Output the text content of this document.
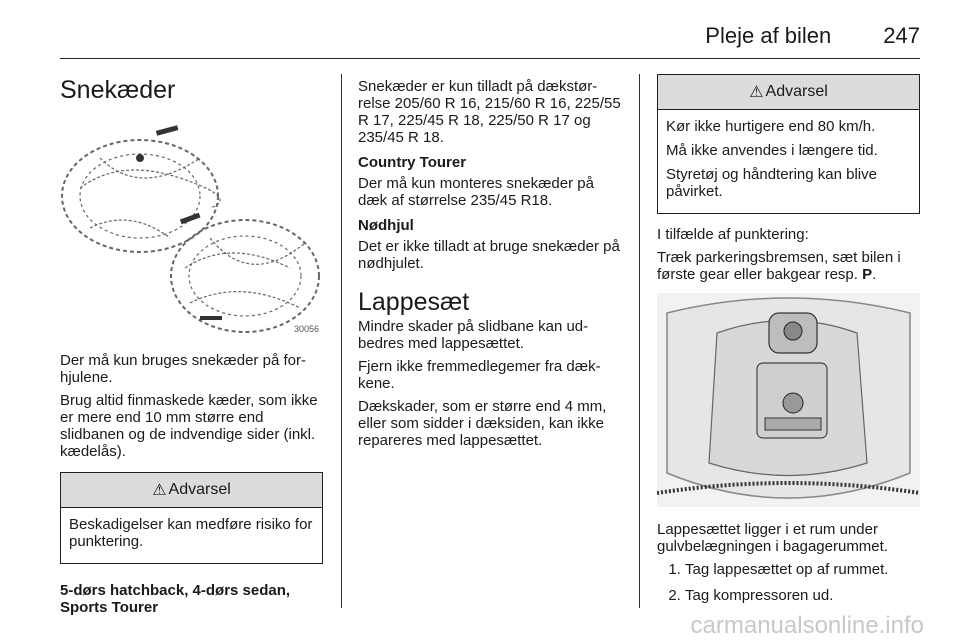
Pleje af bilen 247
Snekæder
30056

Der må kun bruges snekæder på for-hjulene.

Brug altid finmaskede kæder, som ikke er mere end 10 mm større end slidbanen og de indvendige sider (inkl. kædelås).

⚠ Advarsel

Beskadigelser kan medføre risiko for punktering.

5-dørs hatchback, 4-dørs sedan, Sports Tourer

Snekæder er kun tilladt på dækstør-relse 205/60 R 16, 215/60 R 16, 225/55 R 17, 225/45 R 18, 225/50 R 17 og 235/45 R 18.

Country Tourer

Der må kun monteres snekæder på dæk af størrelse 235/45 R18.

Nødhjul

Det er ikke tilladt at bruge snekæder på nødhjulet.

Lappesæt

Mindre skader på slidbane kan ud-bedres med lappesættet.

Fjern ikke fremmedlegemer fra dæk-kene.

Dækskader, som er større end 4 mm, eller som sidder i dæksiden, kan ikke repareres med lappesættet.

⚠ Advarsel

Kør ikke hurtigere end 80 km/h.

Må ikke anvendes i længere tid.

Styretøj og håndtering kan blive påvirket.

I tilfælde af punktering:

Træk parkeringsbremsen, sæt bilen i første gear eller bakgear resp. P.

Lappesættet ligger i et rum under gulvbelægningen i bagagerummet.

1. Tag lappesættet op af rummet.
2. Tag kompressoren ud.
carmanualsonline.info
